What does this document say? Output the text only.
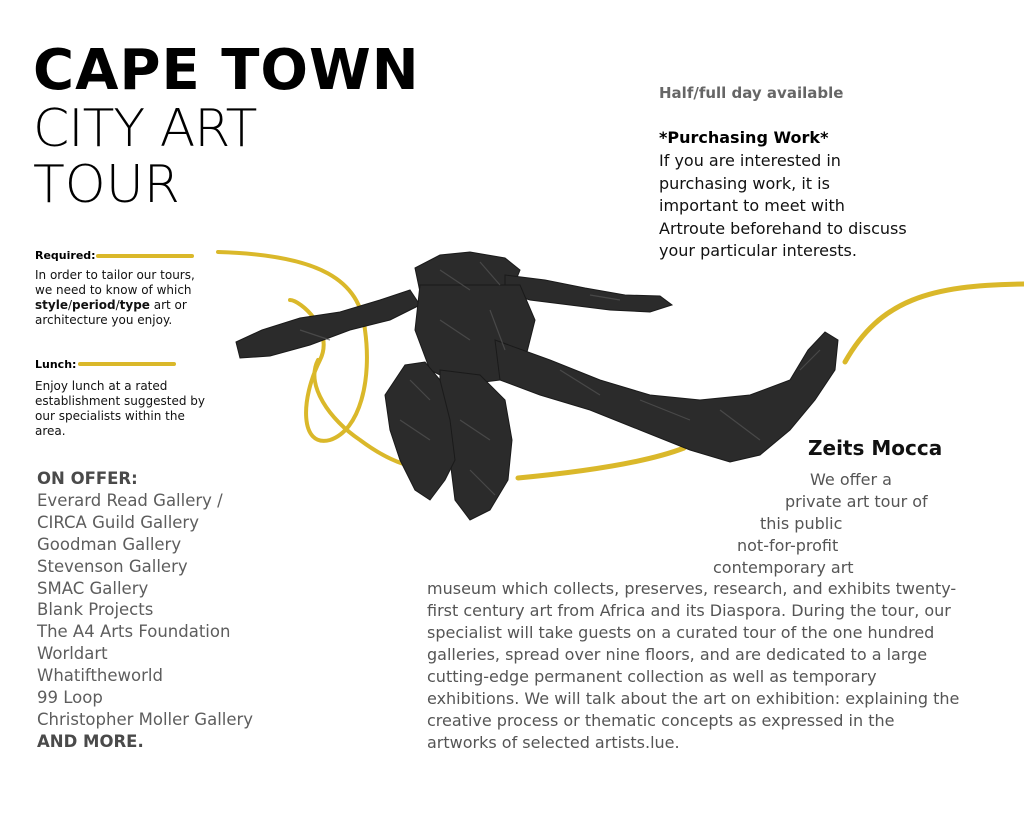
CAPE TOWN
CITY ART
TOUR
Required:
In order to tailor our tours, we need to know of which style/period/type art or architecture you enjoy.
Lunch:
Enjoy lunch at a rated establishment suggested by our specialists within the area.
ON OFFER:
Everard Read Gallery /
CIRCA Guild Gallery
Goodman Gallery
Stevenson Gallery
SMAC Gallery
Blank Projects
The A4 Arts Foundation
Worldart
Whatiftheworld
99 Loop
Christopher Moller Gallery
AND MORE.
Half/full day available
*Purchasing Work*
If you are interested in purchasing work, it is important to meet with Artroute beforehand to discuss your particular interests.
Zeits Mocca
We offer a
private art tour of
this public
not-for-profit
contemporary art
museum which collects, preserves, research, and exhibits twenty-first century art from Africa and its Diaspora. During the tour, our specialist will take guests on a curated tour of the one hundred galleries, spread over nine floors, and are dedicated to a large cutting-edge permanent collection as well as temporary exhibitions. We will talk about the art on exhibition: explaining the creative process or thematic concepts as expressed in the artworks of selected artists.lue.
